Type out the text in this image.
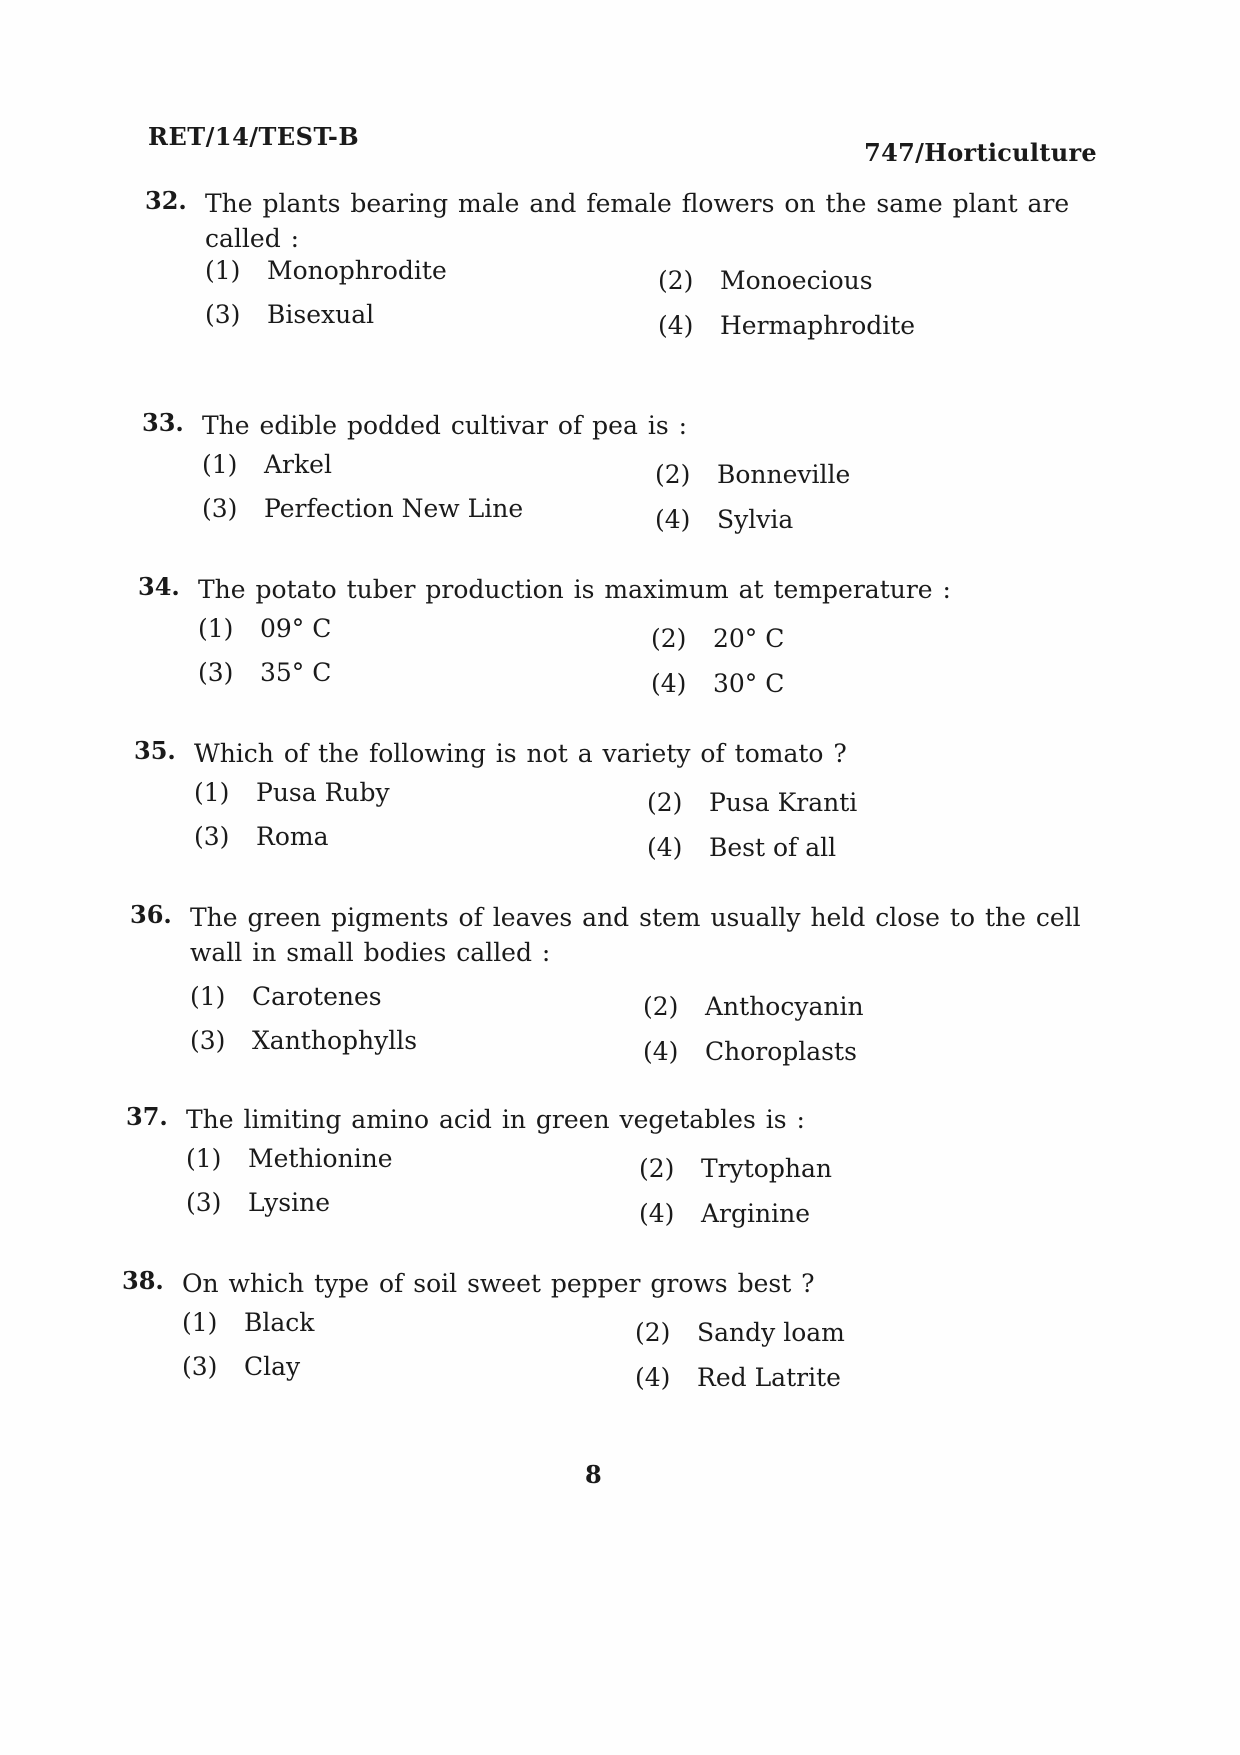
RET/14/TEST-B
747/Horticulture
32. The plants bearing male and female flowers on the same plant are called :
(1) Monophrodite	(2) Monoecious
(3) Bisexual	(4) Hermaphrodite
33. The edible podded cultivar of pea is :
(1) Arkel	(2) Bonneville
(3) Perfection New Line	(4) Sylvia
34. The potato tuber production is maximum at temperature :
(1) 09° C	(2) 20° C
(3) 35° C	(4) 30° C
35. Which of the following is not a variety of tomato ?
(1) Pusa Ruby	(2) Pusa Kranti
(3) Roma	(4) Best of all
36. The green pigments of leaves and stem usually held close to the cell wall in small bodies called :
(1) Carotenes	(2) Anthocyanin
(3) Xanthophylls	(4) Choroplasts
37. The limiting amino acid in green vegetables is :
(1) Methionine	(2) Trytophan
(3) Lysine	(4) Arginine
38. On which type of soil sweet pepper grows best ?
(1) Black	(2) Sandy loam
(3) Clay	(4) Red Latrite
8
